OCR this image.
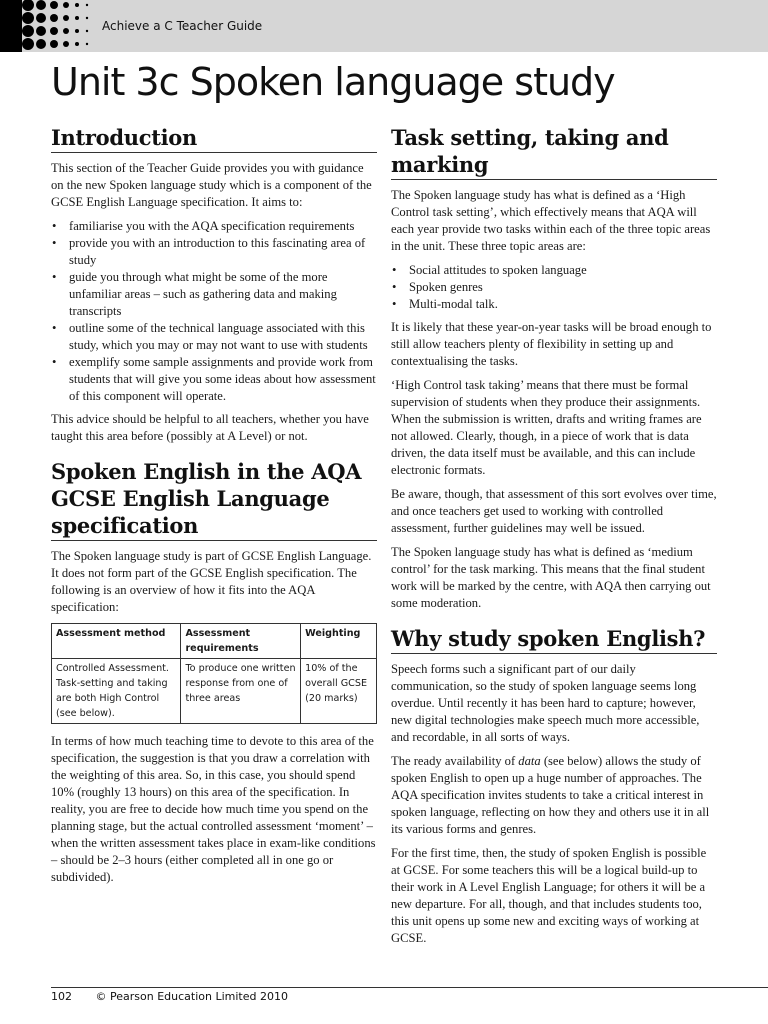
Achieve a C Teacher Guide
Unit 3c Spoken language study
Introduction

This section of the Teacher Guide provides you with guidance on the new Spoken language study which is a component of the GCSE English Language specification. It aims to:

• familiarise you with the AQA specification requirements
• provide you with an introduction to this fascinating area of study
• guide you through what might be some of the more unfamiliar areas – such as gathering data and making transcripts
• outline some of the technical language associated with this study, which you may or may not want to use with students
• exemplify some sample assignments and provide work from students that will give you some ideas about how assessment of this component will operate.

This advice should be helpful to all teachers, whether you have taught this area before (possibly at A Level) or not.

Spoken English in the AQA GCSE English Language specification

The Spoken language study is part of GCSE English Language. It does not form part of the GCSE English specification. The following is an overview of how it fits into the AQA specification:

Assessment method	Assessment requirements	Weighting
Controlled Assessment. Task-setting and taking are both High Control (see below).	To produce one written response from one of three areas	10% of the overall GCSE (20 marks)

In terms of how much teaching time to devote to this area of the specification, the suggestion is that you draw a correlation with the weighting of this area. So, in this case, you should spend 10% (roughly 13 hours) on this area of the specification. In reality, you are free to decide how much time you spend on the planning stage, but the actual controlled assessment ‘moment’ – when the written assessment takes place in exam-like conditions – should be 2–3 hours (either completed all in one go or subdivided).

Task setting, taking and marking

The Spoken language study has what is defined as a ‘High Control task setting’, which effectively means that AQA will each year provide two tasks within each of the three topic areas in the unit. These three topic areas are:

• Social attitudes to spoken language
• Spoken genres
• Multi-modal talk.

It is likely that these year-on-year tasks will be broad enough to still allow teachers plenty of flexibility in setting up and contextualising the tasks.

‘High Control task taking’ means that there must be formal supervision of students when they produce their assignments. When the submission is written, drafts and writing frames are not allowed. Clearly, though, in a piece of work that is data driven, the data itself must be available, and this can include electronic formats.

Be aware, though, that assessment of this sort evolves over time, and once teachers get used to working with controlled assessment, further guidelines may well be issued.

The Spoken language study has what is defined as ‘medium control’ for the task marking. This means that the final student work will be marked by the centre, with AQA then carrying out some moderation.

Why study spoken English?

Speech forms such a significant part of our daily communication, so the study of spoken language seems long overdue. Until recently it has been hard to capture; however, new digital technologies make speech much more accessible, and recordable, in all sorts of ways.

The ready availability of data (see below) allows the study of spoken English to open up a huge number of approaches. The AQA specification invites students to take a critical interest in spoken language, reflecting on how they and others use it in all its various forms and genres.

For the first time, then, the study of spoken English is possible at GCSE. For some teachers this will be a logical build-up to their work in A Level English Language; for others it will be a new departure. For all, though, and that includes students too, this unit opens up some new and exciting ways of working at GCSE.

102 © Pearson Education Limited 2010
